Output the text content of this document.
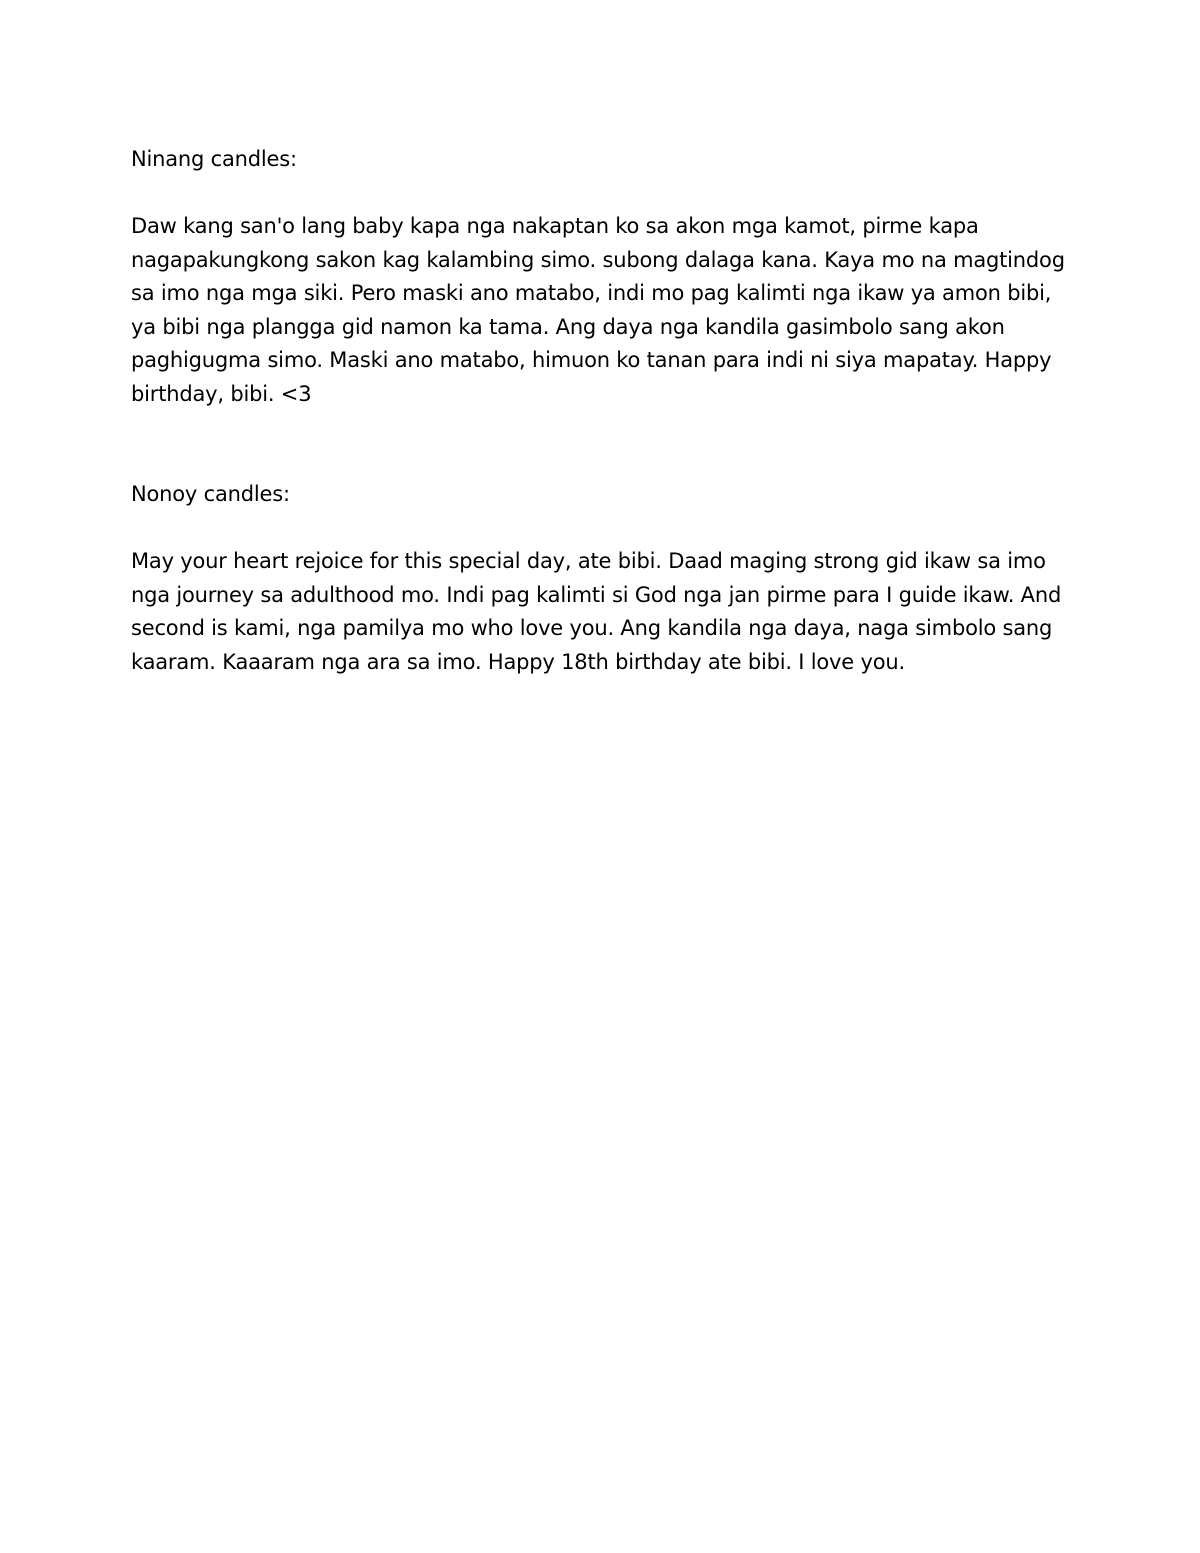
Ninang candles:

Daw kang san'o lang baby kapa nga nakaptan ko sa akon mga kamot, pirme kapa nagapakungkong sakon kag kalambing simo. subong dalaga kana. Kaya mo na magtindog sa imo nga mga siki. Pero maski ano matabo, indi mo pag kalimti nga ikaw ya amon bibi, ya bibi nga plangga gid namon ka tama. Ang daya nga kandila gasimbolo sang akon paghigugma simo. Maski ano matabo, himuon ko tanan para indi ni siya mapatay. Happy birthday, bibi. <3

Nonoy candles:

May your heart rejoice for this special day, ate bibi. Daad maging strong gid ikaw sa imo nga journey sa adulthood mo. Indi pag kalimti si God nga jan pirme para I guide ikaw. And second is kami, nga pamilya mo who love you. Ang kandila nga daya, naga simbolo sang kaaram. Kaaaram nga ara sa imo. Happy 18th birthday ate bibi. I love you.
